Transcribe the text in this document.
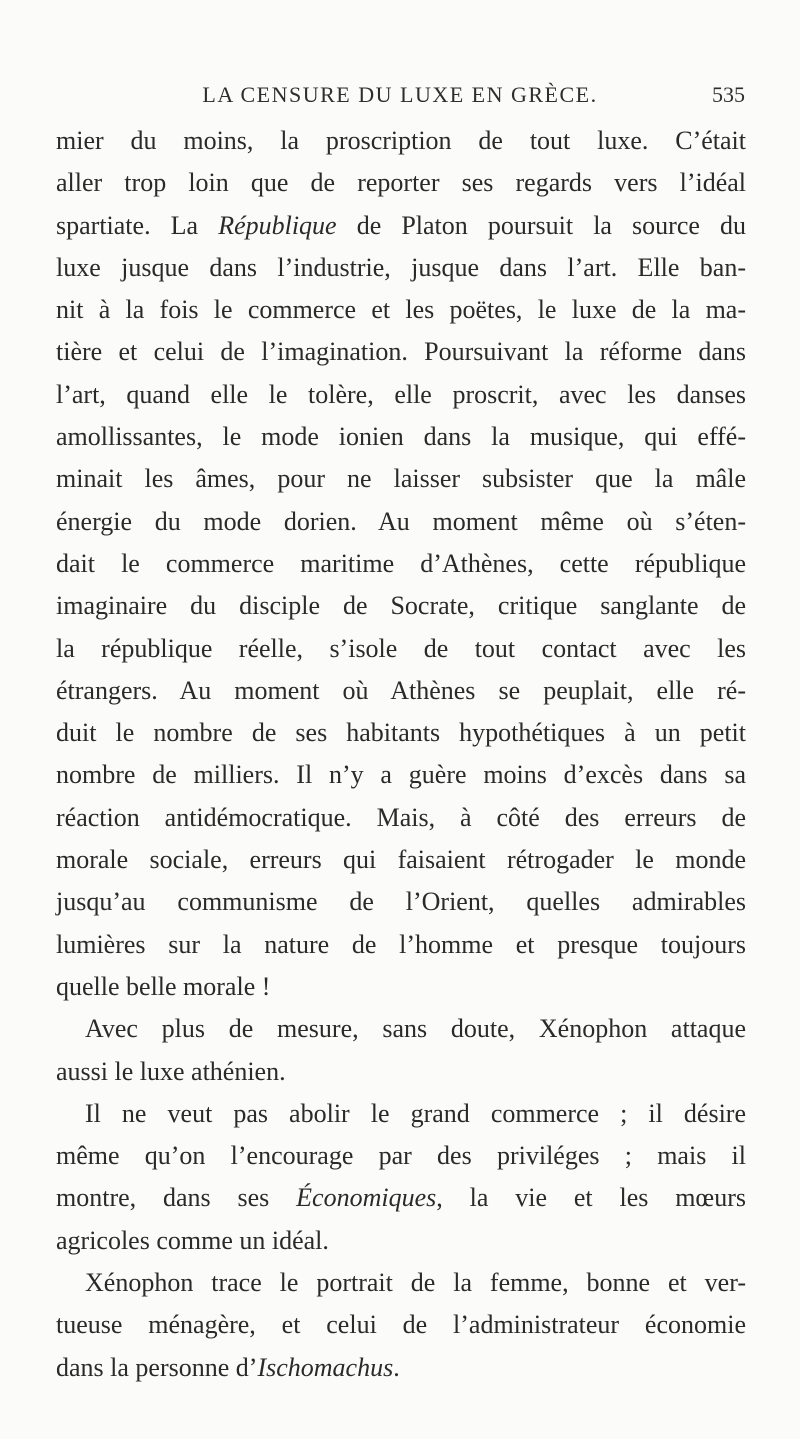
LA CENSURE DU LUXE EN GRÈCE.	535
mier du moins, la proscription de tout luxe. C’était
aller trop loin que de reporter ses regards vers l’idéal
spartiate. La République de Platon poursuit la source du
luxe jusque dans l’industrie, jusque dans l’art. Elle ban-
nit à la fois le commerce et les poëtes, le luxe de la ma-
tière et celui de l’imagination. Poursuivant la réforme dans
l’art, quand elle le tolère, elle proscrit, avec les danses
amollissantes, le mode ionien dans la musique, qui effé-
minait les âmes, pour ne laisser subsister que la mâle
énergie du mode dorien. Au moment même où s’éten-
dait le commerce maritime d’Athènes, cette république
imaginaire du disciple de Socrate, critique sanglante de
la république réelle, s’isole de tout contact avec les
étrangers. Au moment où Athènes se peuplait, elle ré-
duit le nombre de ses habitants hypothétiques à un petit
nombre de milliers. Il n’y a guère moins d’excès dans sa
réaction antidémocratique. Mais, à côté des erreurs de
morale sociale, erreurs qui faisaient rétrogader le monde
jusqu’au communisme de l’Orient, quelles admirables
lumières sur la nature de l’homme et presque toujours
quelle belle morale !
Avec plus de mesure, sans doute, Xénophon attaque
aussi le luxe athénien.
Il ne veut pas abolir le grand commerce ; il désire
même qu’on l’encourage par des priviléges ; mais il
montre, dans ses Économiques, la vie et les mœurs
agricoles comme un idéal.
Xénophon trace le portrait de la femme, bonne et ver-
tueuse ménagère, et celui de l’administrateur économie
dans la personne d’Ischomachus.
